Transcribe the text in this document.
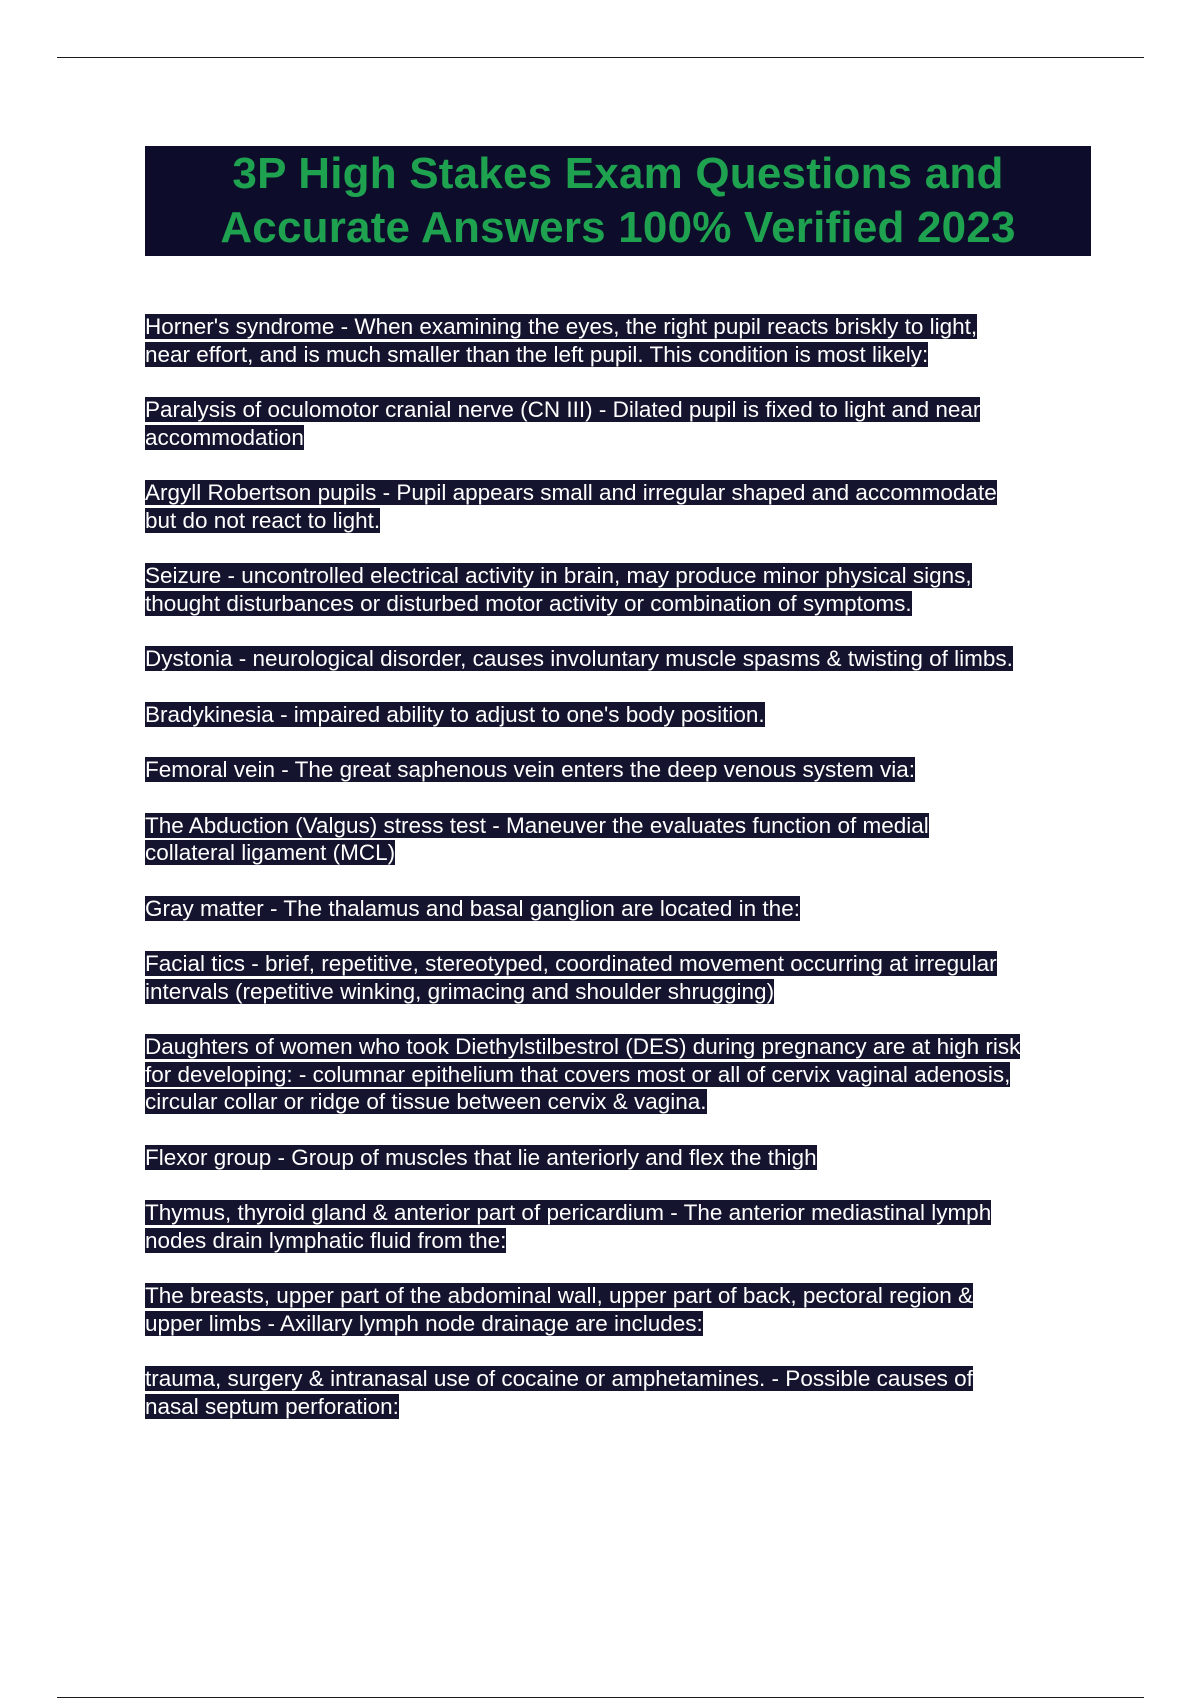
3P High Stakes Exam Questions and
Accurate Answers 100% Verified 2023
Horner's syndrome - When examining the eyes, the right pupil reacts briskly to light,
near effort, and is much smaller than the left pupil. This condition is most likely:
Paralysis of oculomotor cranial nerve (CN III) - Dilated pupil is fixed to light and near
accommodation
Argyll Robertson pupils - Pupil appears small and irregular shaped and accommodate
but do not react to light.
Seizure - uncontrolled electrical activity in brain, may produce minor physical signs,
thought disturbances or disturbed motor activity or combination of symptoms.
Dystonia - neurological disorder, causes involuntary muscle spasms & twisting of limbs.
Bradykinesia - impaired ability to adjust to one's body position.
Femoral vein - The great saphenous vein enters the deep venous system via:
The Abduction (Valgus) stress test - Maneuver the evaluates function of medial
collateral ligament (MCL)
Gray matter - The thalamus and basal ganglion are located in the:
Facial tics - brief, repetitive, stereotyped, coordinated movement occurring at irregular
intervals (repetitive winking, grimacing and shoulder shrugging)
Daughters of women who took Diethylstilbestrol (DES) during pregnancy are at high risk
for developing: - columnar epithelium that covers most or all of cervix vaginal adenosis,
circular collar or ridge of tissue between cervix & vagina.
Flexor group - Group of muscles that lie anteriorly and flex the thigh
Thymus, thyroid gland & anterior part of pericardium - The anterior mediastinal lymph
nodes drain lymphatic fluid from the:
The breasts, upper part of the abdominal wall, upper part of back, pectoral region &
upper limbs - Axillary lymph node drainage are includes:
trauma, surgery & intranasal use of cocaine or amphetamines. - Possible causes of
nasal septum perforation:
